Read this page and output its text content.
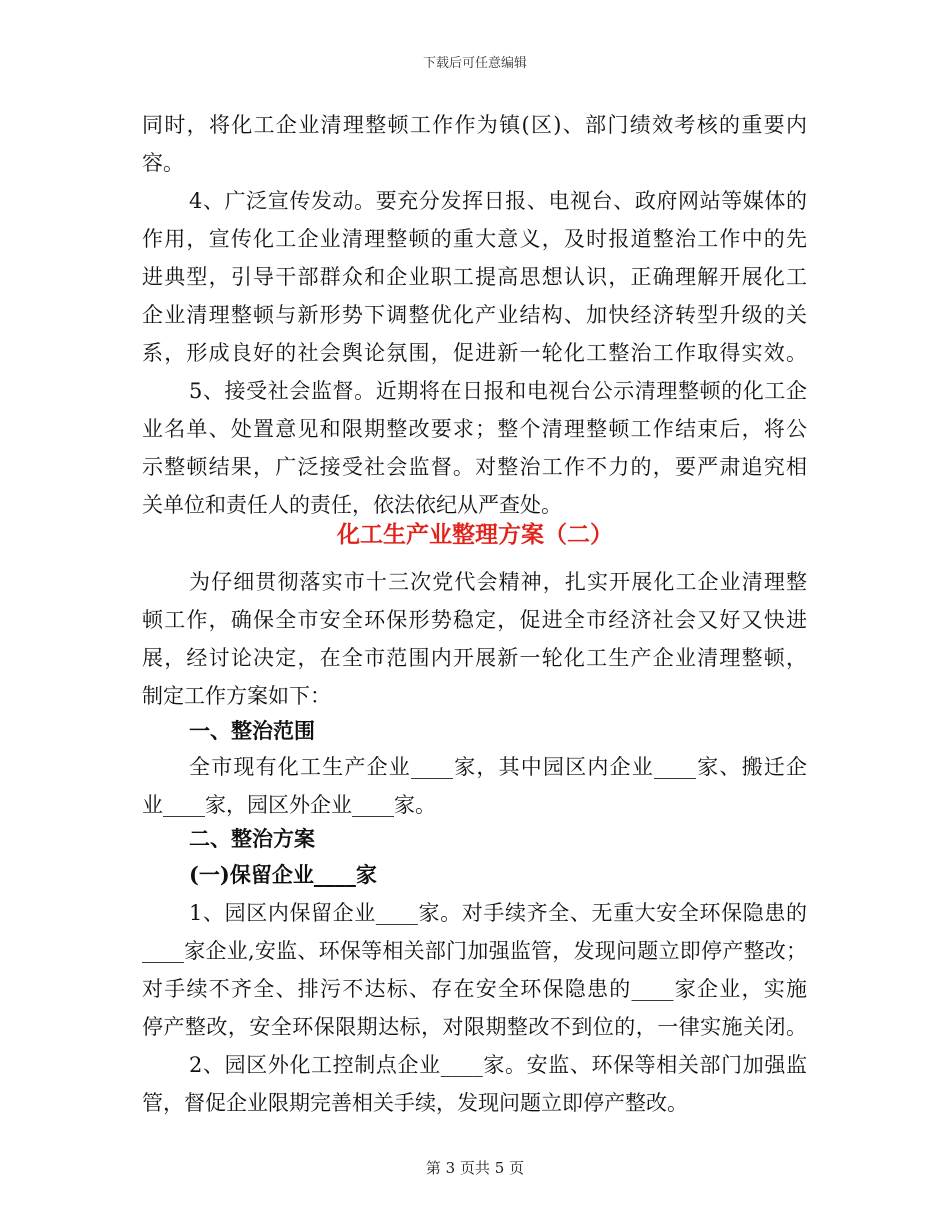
下载后可任意编辑
同时，将化工企业清理整顿工作作为镇(区)、部门绩效考核的重要内
容。
4、广泛宣传发动。要充分发挥日报、电视台、政府网站等媒体的
作用，宣传化工企业清理整顿的重大意义，及时报道整治工作中的先
进典型，引导干部群众和企业职工提高思想认识，正确理解开展化工
企业清理整顿与新形势下调整优化产业结构、加快经济转型升级的关
系，形成良好的社会舆论氛围，促进新一轮化工整治工作取得实效。
5、接受社会监督。近期将在日报和电视台公示清理整顿的化工企
业名单、处置意见和限期整改要求；整个清理整顿工作结束后，将公
示整顿结果，广泛接受社会监督。对整治工作不力的，要严肃追究相
关单位和责任人的责任，依法依纪从严查处。
为仔细贯彻落实市十三次党代会精神，扎实开展化工企业清理整
顿工作，确保全市安全环保形势稳定，促进全市经济社会又好又快进
展，经讨论决定，在全市范围内开展新一轮化工生产企业清理整顿，
制定工作方案如下：
一、整治范围
全市现有化工生产企业____家，其中园区内企业____家、搬迁企
业____家，园区外企业____家。
二、整治方案
(一)保留企业____家
1、园区内保留企业____家。对手续齐全、无重大安全环保隐患的
____家企业,安监、环保等相关部门加强监管，发现问题立即停产整改；
对手续不齐全、排污不达标、存在安全环保隐患的____家企业，实施
停产整改，安全环保限期达标，对限期整改不到位的，一律实施关闭。
2、园区外化工控制点企业____家。安监、环保等相关部门加强监
管，督促企业限期完善相关手续，发现问题立即停产整改。
化工生产业整理方案（二）
第 3 页共 5 页
